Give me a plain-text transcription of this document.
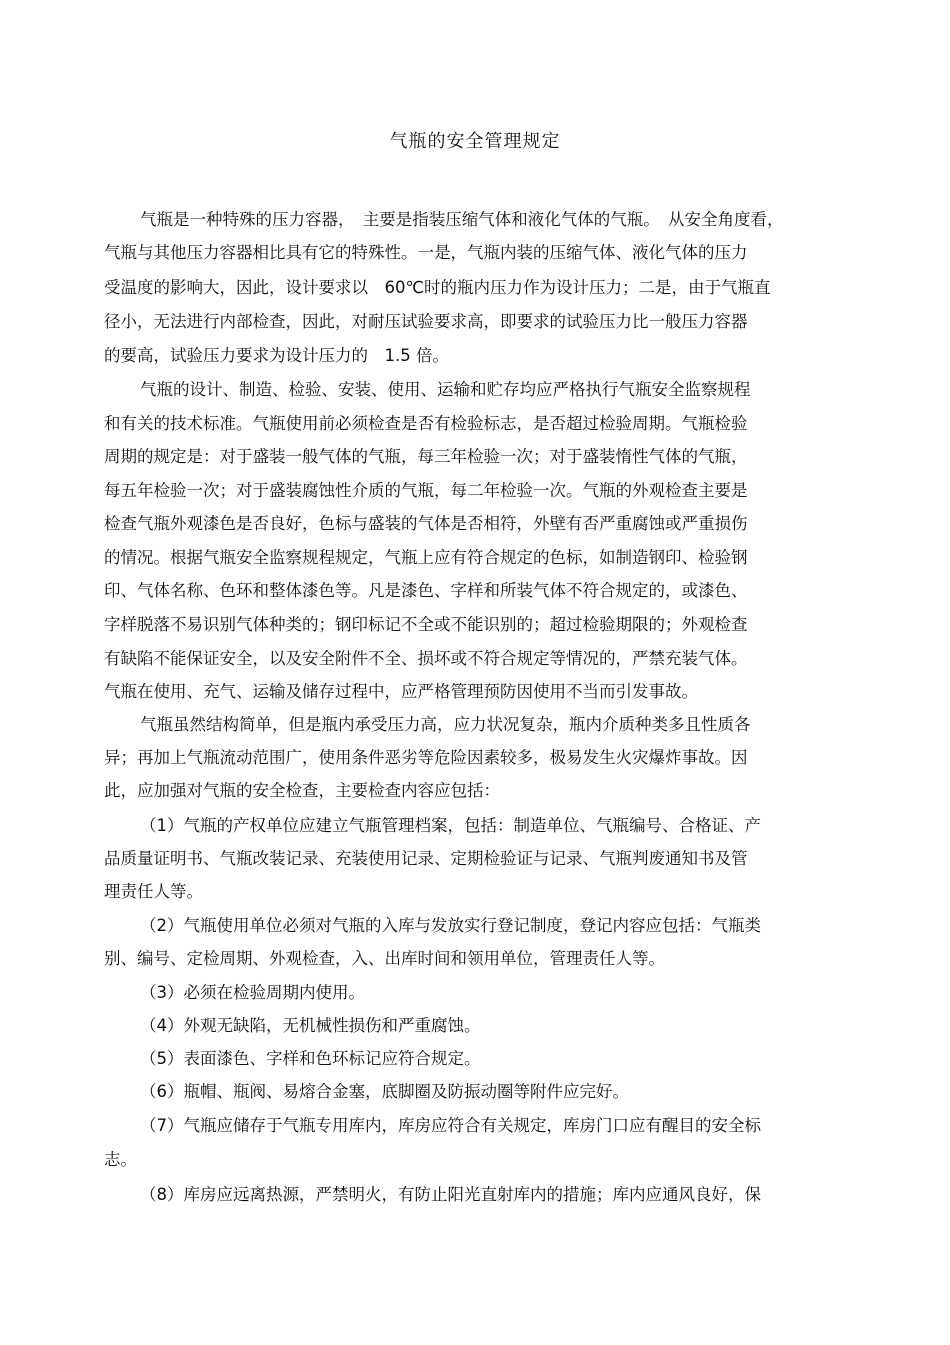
气瓶的安全管理规定
气瓶是一种特殊的压力容器，　主要是指装压缩气体和液化气体的气瓶。　从安全角度看，
气瓶与其他压力容器相比具有它的特殊性。一是，气瓶内装的压缩气体、液化气体的压力
受温度的影响大，因此，设计要求以　60℃时的瓶内压力作为设计压力；二是，由于气瓶直
径小，无法进行内部检查，因此，对耐压试验要求高，即要求的试验压力比一般压力容器
的要高，试验压力要求为设计压力的　1.5 倍。
气瓶的设计、制造、检验、安装、使用、运输和贮存均应严格执行气瓶安全监察规程
和有关的技术标准。气瓶使用前必须检查是否有检验标志，是否超过检验周期。气瓶检验
周期的规定是：对于盛装一般气体的气瓶，每三年检验一次；对于盛装惰性气体的气瓶，
每五年检验一次；对于盛装腐蚀性介质的气瓶，每二年检验一次。气瓶的外观检查主要是
检查气瓶外观漆色是否良好，色标与盛装的气体是否相符，外壁有否严重腐蚀或严重损伤
的情况。根据气瓶安全监察规程规定，气瓶上应有符合规定的色标，如制造钢印、检验钢
印、气体名称、色环和整体漆色等。凡是漆色、字样和所装气体不符合规定的，或漆色、
字样脱落不易识别气体种类的；钢印标记不全或不能识别的；超过检验期限的；外观检查
有缺陷不能保证安全，以及安全附件不全、损坏或不符合规定等情况的，严禁充装气体。
气瓶在使用、充气、运输及储存过程中，应严格管理预防因使用不当而引发事故。
气瓶虽然结构简单，但是瓶内承受压力高，应力状况复杂，瓶内介质种类多且性质各
异；再加上气瓶流动范围广，使用条件恶劣等危险因素较多，极易发生火灾爆炸事故。因
此，应加强对气瓶的安全检查，主要检查内容应包括：
（1）气瓶的产权单位应建立气瓶管理档案，包括：制造单位、气瓶编号、合格证、产
品质量证明书、气瓶改装记录、充装使用记录、定期检验证与记录、气瓶判废通知书及管
理责任人等。
（2）气瓶使用单位必须对气瓶的入库与发放实行登记制度，登记内容应包括：气瓶类
别、编号、定检周期、外观检查，入、出库时间和领用单位，管理责任人等。
（3）必须在检验周期内使用。
（4）外观无缺陷，无机械性损伤和严重腐蚀。
（5）表面漆色、字样和色环标记应符合规定。
（6）瓶帽、瓶阀、易熔合金塞，底脚圈及防振动圈等附件应完好。
（7）气瓶应储存于气瓶专用库内，库房应符合有关规定，库房门口应有醒目的安全标
志。
（8）库房应远离热源，严禁明火，有防止阳光直射库内的措施；库内应通风良好，保
